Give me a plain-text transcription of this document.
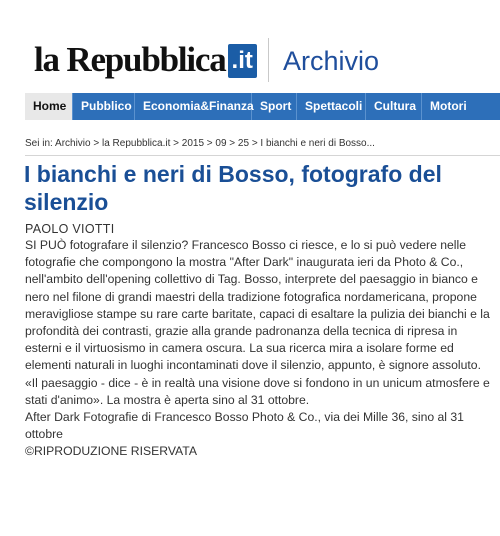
la Repubblica .it Archivio
Home	Pubblico Economia&Finanza Sport	Spettacoli Cultura	Motori
Sei in: Archivio > la Repubblica.it > 2015 > 09 > 25 > I bianchi e neri di Bosso...
I bianchi e neri di Bosso, fotografo del silenzio
PAOLO VIOTTI

SI PUÒ fotografare il silenzio? Francesco Bosso ci riesce, e lo si può vedere nelle fotografie che compongono la mostra "After Dark" inaugurata ieri da Photo & Co., nell'ambito dell'opening collettivo di Tag. Bosso, interprete del paesaggio in bianco e nero nel filone di grandi maestri della tradizione fotografica nordamericana, propone meravigliose stampe su rare carte baritate, capaci di esaltare la pulizia dei bianchi e la profondità dei contrasti, grazie alla grande padronanza della tecnica di ripresa in esterni e il virtuosismo in camera oscura. La sua ricerca mira a isolare forme ed elementi naturali in luoghi incontaminati dove il silenzio, appunto, è signore assoluto. «Il paesaggio - dice - è in realtà una visione dove si fondono in un unicum atmosfere e stati d'animo». La mostra è aperta sino al 31 ottobre.

After Dark Fotografie di Francesco Bosso Photo & Co., via dei Mille 36, sino al 31 ottobre

©RIPRODUZIONE RISERVATA
